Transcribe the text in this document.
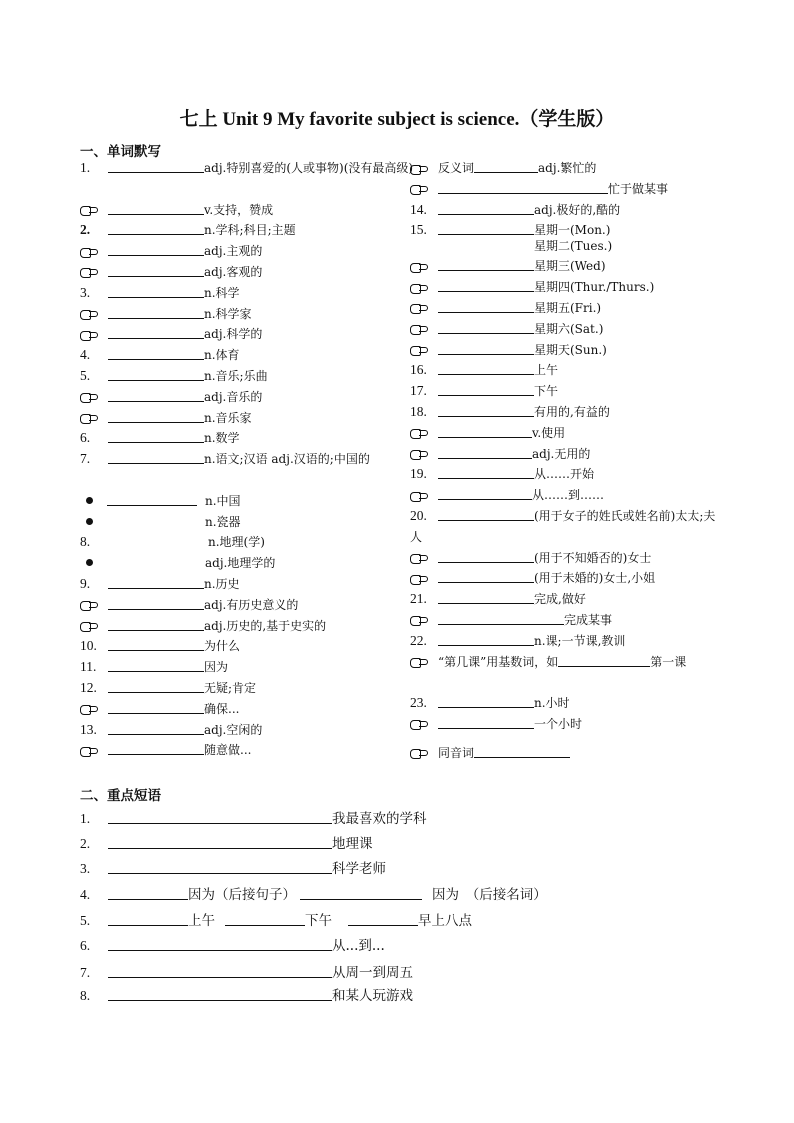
七上 Unit 9 My favorite subject is science.（学生版）
一、单词默写
1.	adj.特别喜爱的(人或事物)(没有最高级)
v.支持，赞成
2.	n.学科;科目;主题
adj.主观的
adj.客观的
3.	n.科学
n.科学家
adj.科学的
4.	n.体育
5.	n.音乐;乐曲
adj.音乐的
n.音乐家
6.	n.数学
7.	n.语文;汉语 adj.汉语的;中国的
n.中国
n.瓷器
8.	n.地理(学)
adj.地理学的
9.	n.历史
adj.有历史意义的
adj.历史的,基于史实的
10.	为什么
11.	因为
12.	无疑;肯定
确保...
13.	adj.空闲的
随意做...
反义词	adj.繁忙的
忙于做某事
14.	adj.极好的,酷的
15.	星期一(Mon.)
星期二(Tues.)
星期三(Wed)
星期四(Thur./Thurs.)
星期五(Fri.)
星期六(Sat.)
星期天(Sun.)
16.	上午
17.	下午
18.	有用的,有益的
v.使用
adj.无用的
19.	从……开始
从……到……
20.	(用于女子的姓氏或姓名前)太太;夫人
(用于不知婚否的)女士
(用于未婚的)女士,小姐
21.	完成,做好
完成某事
22.	n.课;一节课,教训
“第几课”用基数词，如	第一课
23.	n.小时
一个小时
同音词
二、重点短语
1.	我最喜欢的学科
2.	地理课
3.	科学老师
4.	因为（后接句子）	因为　（后接名词）
5.	上午	下午	早上八点
6.	从...到...
7.	从周一到周五
8.	和某人玩游戏
